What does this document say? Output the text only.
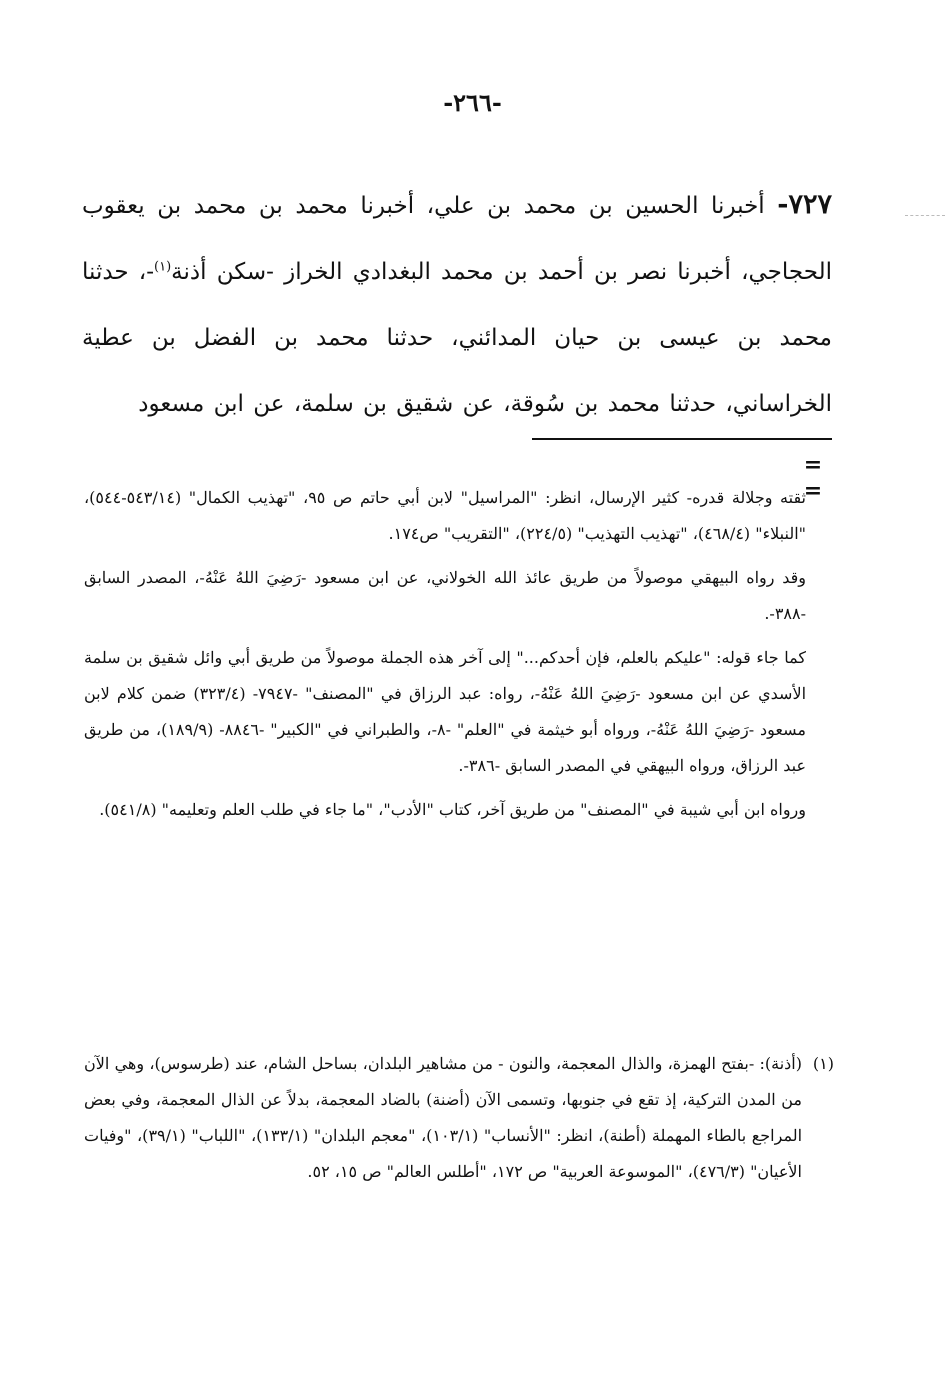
-٢٦٦-
٧٢٧- أخبرنا الحسين بن محمد بن علي، أخبرنا محمد بن محمد بن يعقوب الحجاجي، أخبرنا نصر بن أحمد بن محمد البغدادي الخراز -سكن أذنة$^{(١)}$-، حدثنا محمد بن عيسى بن حيان المدائني، حدثنا محمد بن الفضل بن عطية الخراساني، حدثنا محمد بن سُوقة، عن شقيق بن سلمة، عن ابن مسعود
= =

ثقته وجلالة قدره- كثير الإرسال، انظر: "المراسيل" لابن أبي حاتم ص ٩٥، "تهذيب الكمال" (٥٤٣/١٤-٥٤٤)، "النبلاء" (٤٦٨/٤)، "تهذيب التهذيب" (٢٢٤/٥)، "التقريب" ص١٧٤.

وقد رواه البيهقي موصولاً من طريق عائذ الله الخولاني، عن ابن مسعود -رَضِيَ اللهُ عَنْهُ-، المصدر السابق -٣٨٨-.

كما جاء قوله: "عليكم بالعلم، فإن أحدكم..." إلى آخر هذه الجملة موصولاً من طريق أبي وائل شقيق بن سلمة الأسدي عن ابن مسعود -رَضِيَ اللهُ عَنْهُ-، رواه: عبد الرزاق في "المصنف" -٧٩٤٧- (٣٢٣/٤) ضمن كلام لابن مسعود -رَضِيَ اللهُ عَنْهُ-، ورواه أبو خيثمة في "العلم" -٨-، والطبراني في "الكبير" -٨٨٤٦- (١٨٩/٩)، من طريق عبد الرزاق، ورواه البيهقي في المصدر السابق -٣٨٦-.

ورواه ابن أبي شيبة في "المصنف" من طريق آخر، كتاب "الأدب"، "ما جاء في طلب العلم وتعليمه" (٥٤١/٨).

(١)
(أذنة): -بفتح الهمزة، والذال المعجمة، والنون - من مشاهير البلدان، بساحل الشام، عند (طرسوس)، وهي الآن من المدن التركية، إذ تقع في جنوبها، وتسمى الآن (أضنة) بالضاد المعجمة، بدلاً عن الذال المعجمة، وفي بعض المراجع بالطاء المهملة (أطنة)، انظر: "الأنساب" (١٠٣/١)، "معجم البلدان" (١٣٣/١)، "اللباب" (٣٩/١)، "وفيات الأعيان" (٤٧٦/٣)، "الموسوعة العربية" ص ١٧٢، "أطلس العالم" ص ١٥، ٥٢.
